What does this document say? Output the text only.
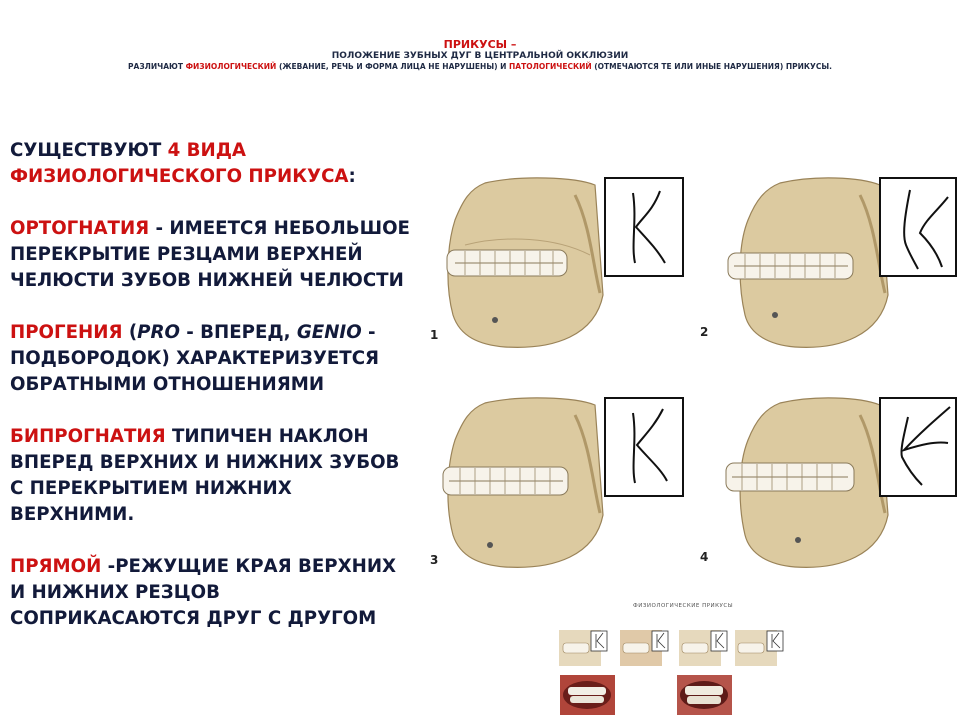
ПРИКУСЫ –
ПОЛОЖЕНИЕ ЗУБНЫХ ДУГ В ЦЕНТРАЛЬНОЙ ОККЛЮЗИИ
РАЗЛИЧАЮТ ФИЗИОЛОГИЧЕСКИЙ (ЖЕВАНИЕ, РЕЧЬ И ФОРМА ЛИЦА НЕ НАРУШЕНЫ) И ПАТОЛОГИЧЕСКИЙ (ОТМЕЧАЮТСЯ ТЕ ИЛИ ИНЫЕ НАРУШЕНИЯ) ПРИКУСЫ.

СУЩЕСТВУЮТ 4 ВИДА
ФИЗИОЛОГИЧЕСКОГО ПРИКУСА:

ОРТОГНАТИЯ - ИМЕЕТСЯ НЕБОЛЬШОЕ ПЕРЕКРЫТИЕ РЕЗЦАМИ ВЕРХНЕЙ ЧЕЛЮСТИ ЗУБОВ НИЖНЕЙ ЧЕЛЮСТИ

ПРОГЕНИЯ (PRO - ВПЕРЕД, GENIO - ПОДБОРОДОК) ХАРАКТЕРИЗУЕТСЯ ОБРАТНЫМИ ОТНОШЕНИЯМИ

БИПРОГНАТИЯ ТИПИЧЕН НАКЛОН ВПЕРЕД ВЕРХНИХ И НИЖНИХ ЗУБОВ С ПЕРЕКРЫТИЕМ НИЖНИХ ВЕРХНИМИ.

ПРЯМОЙ -РЕЖУЩИЕ КРАЯ ВЕРХНИХ И НИЖНИХ РЕЗЦОВ СОПРИКАСАЮТСЯ ДРУГ С ДРУГОМ

1	2
3	4
ФИЗИОЛОГИЧЕСКИЕ ПРИКУСЫ
